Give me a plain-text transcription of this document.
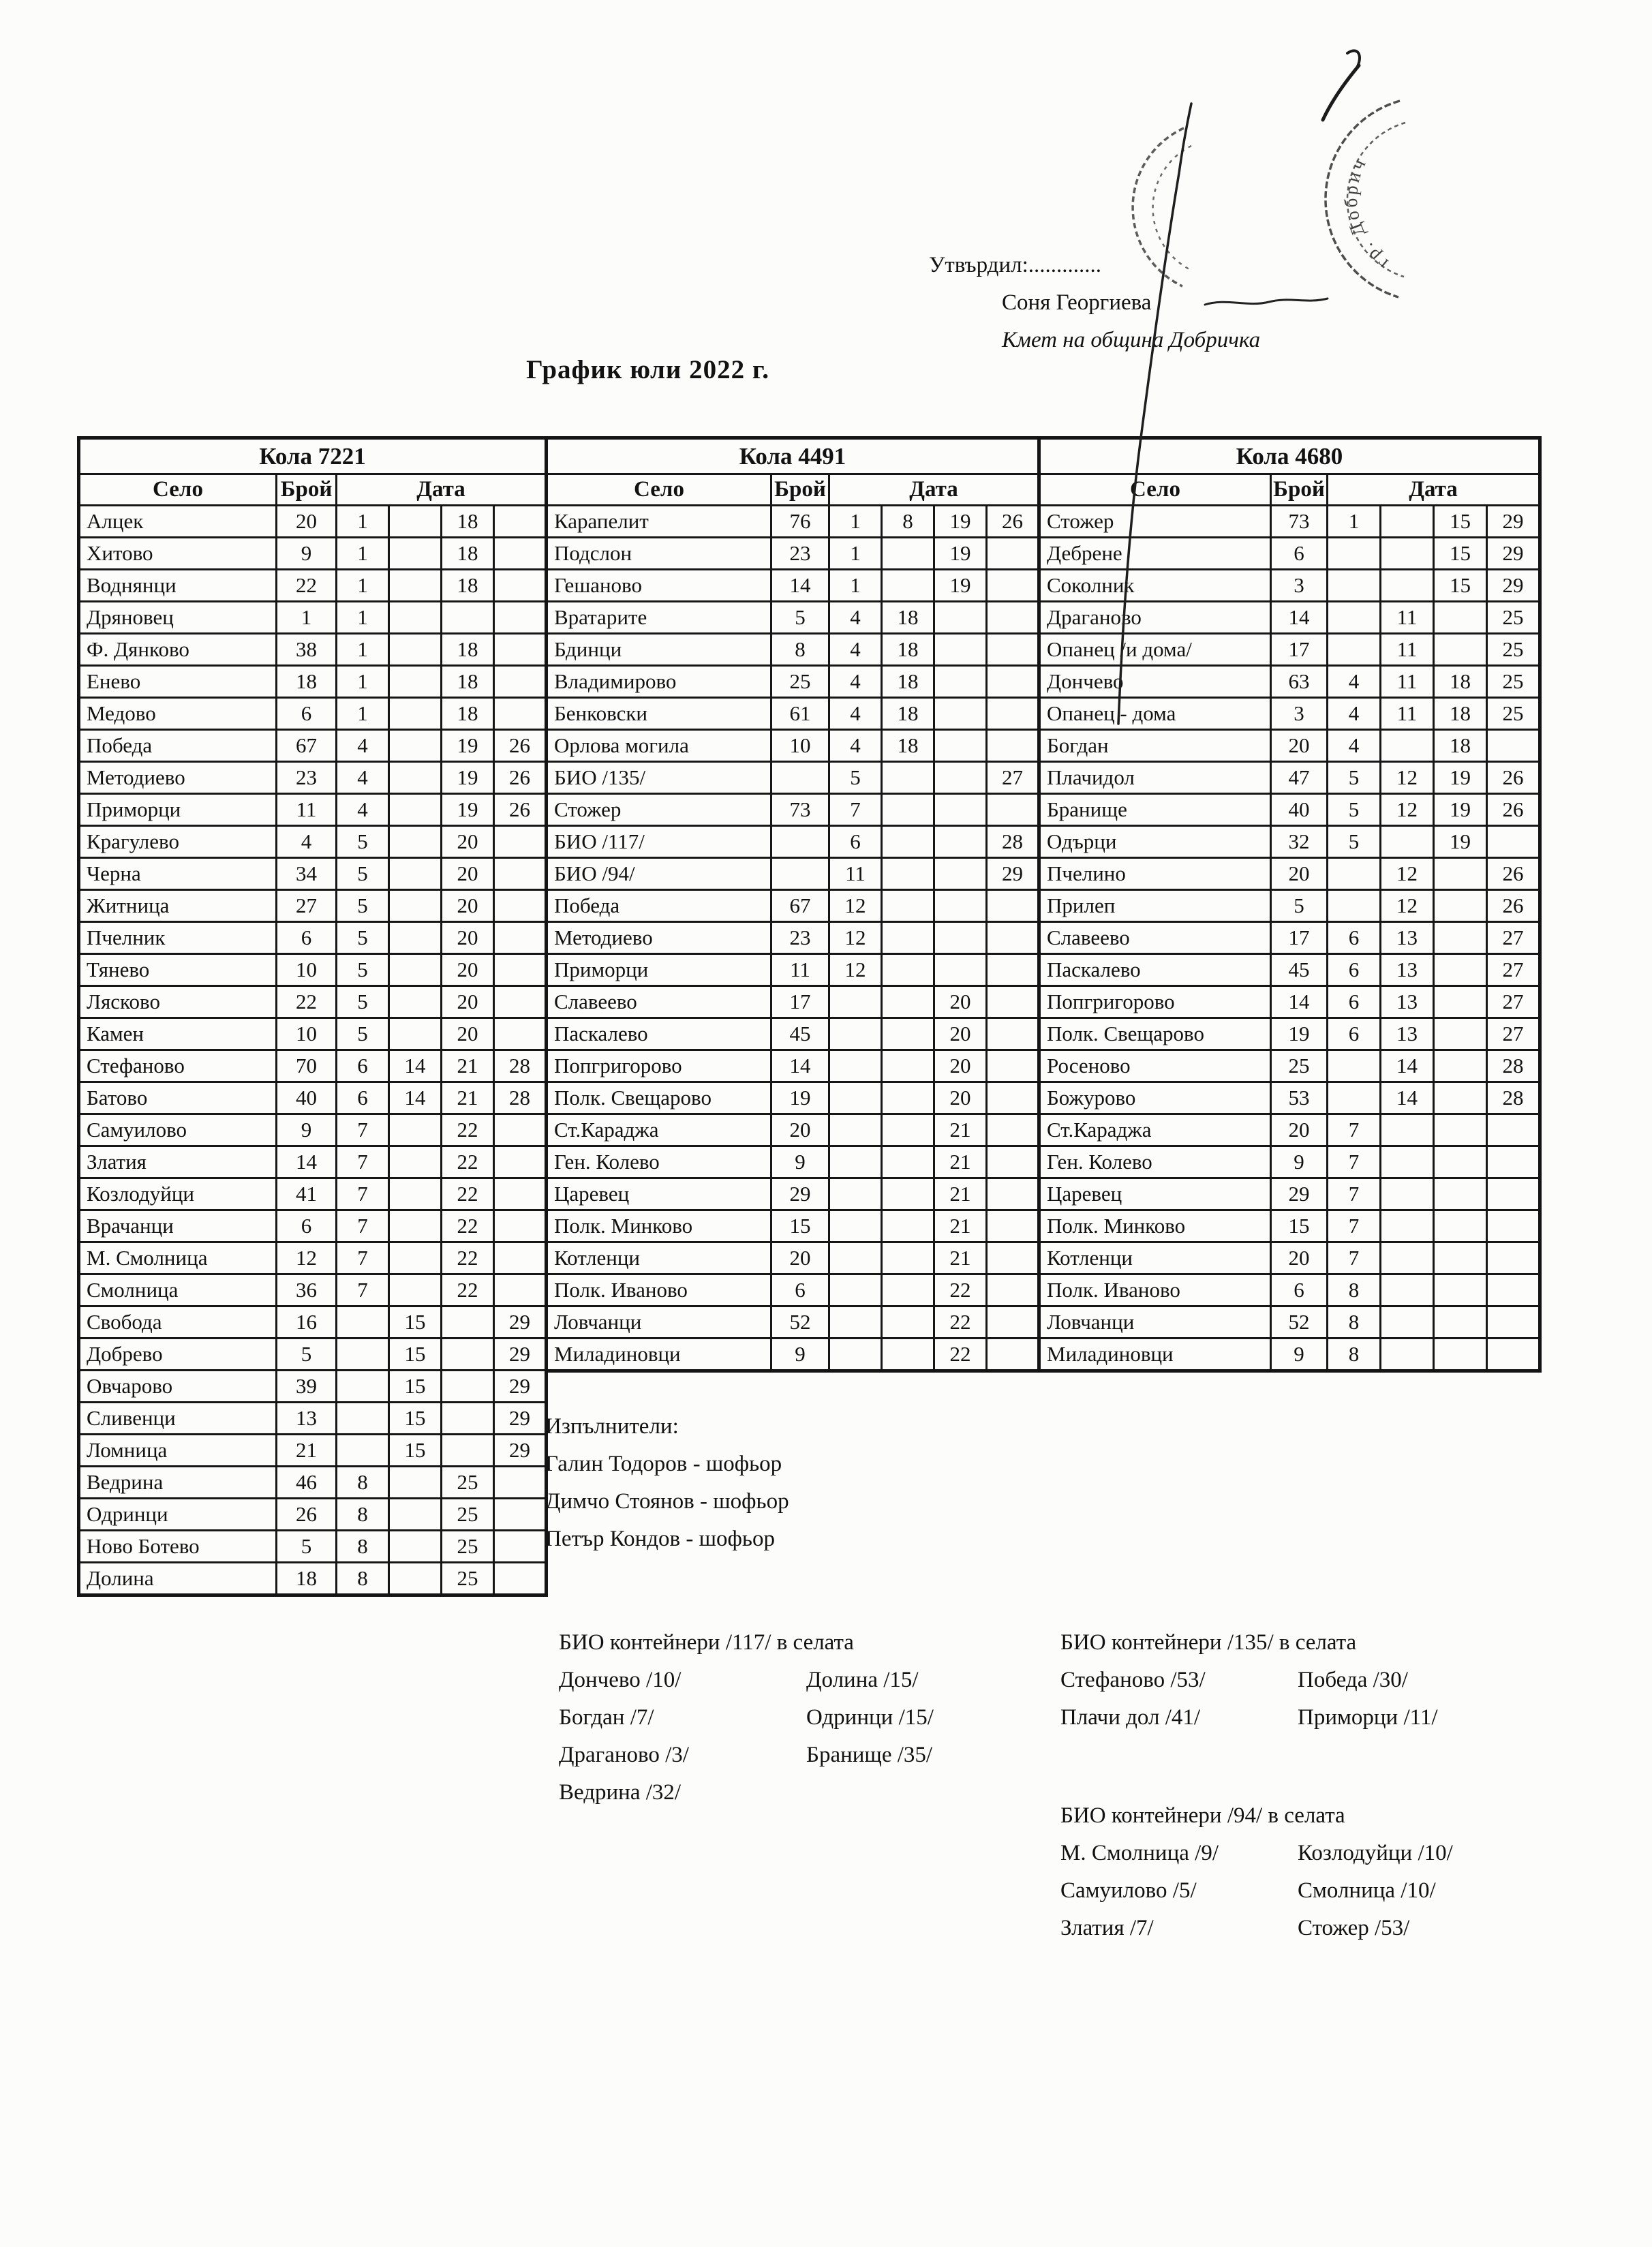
Утвърдил:.............
Соня Георгиева
Кмет на община Добричка
График юли 2022 г.
Кола 7221					
Село	Брой	Дата			
Алцек	20	1		18	
Хитово	9	1		18	
Воднянци	22	1		18	
Дряновец	1	1			
Ф. Дянково	38	1		18	
Енево	18	1		18	
Медово	6	1		18	
Победа	67	4		19	26
Методиево	23	4		19	26
Приморци	11	4		19	26
Крагулево	4	5		20	
Черна	34	5		20	
Житница	27	5		20	
Пчелник	6	5		20	
Тянево	10	5		20	
Лясково	22	5		20	
Камен	10	5		20	
Стефаново	70	6	14	21	28
Батово	40	6	14	21	28
Самуилово	9	7		22	
Златия	14	7		22	
Козлодуйци	41	7		22	
Врачанци	6	7		22	
М. Смолница	12	7		22	
Смолница	36	7		22	
Свобода	16		15		29
Добрево	5		15		29
Овчарово	39		15		29
Сливенци	13		15		29
Ломница	21		15		29
Ведрина	46	8		25	
Одринци	26	8		25	
Ново Ботево	5	8		25	
Долина	18	8		25	
Кола 4491					
Село	Брой	Дата			
Карапелит	76	1	8	19	26
Подслон	23	1		19	
Гешаново	14	1		19	
Вратарите	5	4	18		
Бдинци	8	4	18		
Владимирово	25	4	18		
Бенковски	61	4	18		
Орлова могила	10	4	18		
БИО /135/		5			27
Стожер	73	7			
БИО /117/		6			28
БИО /94/		11			29
Победа	67	12			
Методиево	23	12			
Приморци	11	12			
Славеево	17			20	
Паскалево	45			20	
Попгригорово	14			20	
Полк. Свещарово	19			20	
Ст.Караджа	20			21	
Ген. Колево	9			21	
Царевец	29			21	
Полк. Минково	15			21	
Котленци	20			21	
Полк. Иваново	6			22	
Ловчанци	52			22	
Миладиновци	9			22	
Кола 4680					
Село	Брой	Дата			
Стожер	73	1		15	29
Дебрене	6			15	29
Соколник	3			15	29
Драганово	14		11		25
Опанец /и дома/	17		11		25
Дончево	63	4	11	18	25
Опанец - дома	3	4	11	18	25
Богдан	20	4		18	
Плачидол	47	5	12	19	26
Бранище	40	5	12	19	26
Одърци	32	5		19	
Пчелино	20		12		26
Прилеп	5		12		26
Славеево	17	6	13		27
Паскалево	45	6	13		27
Попгригорово	14	6	13		27
Полк. Свещарово	19	6	13		27
Росеново	25		14		28
Божурово	53		14		28
Ст.Караджа	20	7			
Ген. Колево	9	7			
Царевец	29	7			
Полк. Минково	15	7			
Котленци	20	7			
Полк. Иваново	6	8			
Ловчанци	52	8			
Миладиновци	9	8			
Изпълнители:
Галин Тодоров - шофьор
Димчо Стоянов - шофьор
Петър Кондов - шофьор
БИО контейнери /117/ в селата
Дончево /10/
Богдан /7/
Драганово /3/
Ведрина /32/
Долина /15/
Одринци /15/
Бранище /35/
БИО контейнери /135/ в селата
Стефаново /53/
Плачи дол /41/
Победа /30/
Приморци /11/
БИО контейнери /94/ в селата
М. Смолница /9/
Самуилово /5/
Златия /7/
Козлодуйци /10/
Смолница /10/
Стожер /53/
гр. Добрич
